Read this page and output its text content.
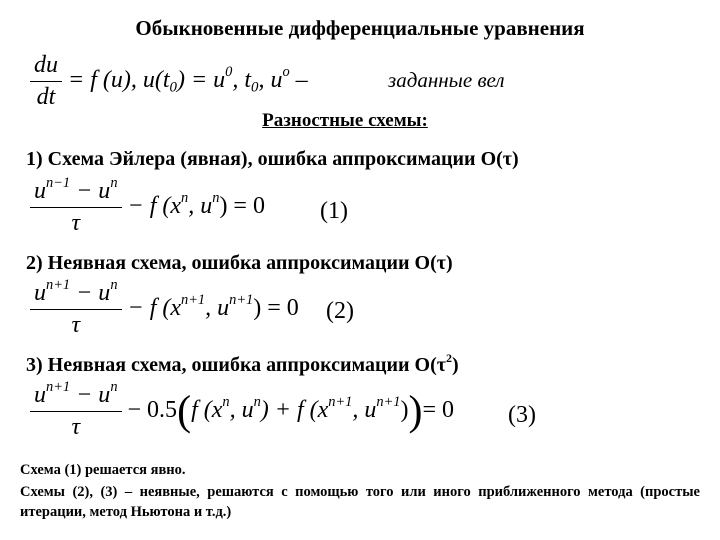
Обыкновенные дифференциальные уравнения
$\frac{du}{dt} = f$ (u), $u(t_0) = u^0$, $t_0$, $u^o$ –	заданные вел
Разностные схемы:
1) Схема Эйлера (явная), ошибка аппроксимации O(τ)
$\frac{u^{n-1} - u^n}{\tau} - f$ ($x^n$, $u^n) = 0$ (1)
2) Неявная схема, ошибка аппроксимации O(τ)
$\frac{u^{n+1} - u^n}{\tau} - f$ ($x^{n+1}$, $u^{n+1}) = 0$ (2)
3) Неявная схема, ошибка аппроксимации $O(\tau^2)$
$\frac{u^{n+1} - u^n}{\tau} - 0.5(f$ ($x^n$, $u^n) + f$ ($x^{n+1}$, $u^{n+1}))= 0$ (3)
Схема (1) решается явно.
Схемы (2), (3) – неявные, решаются с помощью того или иного приближенного метода (простые итерации, метод Ньютона и т.д.)
